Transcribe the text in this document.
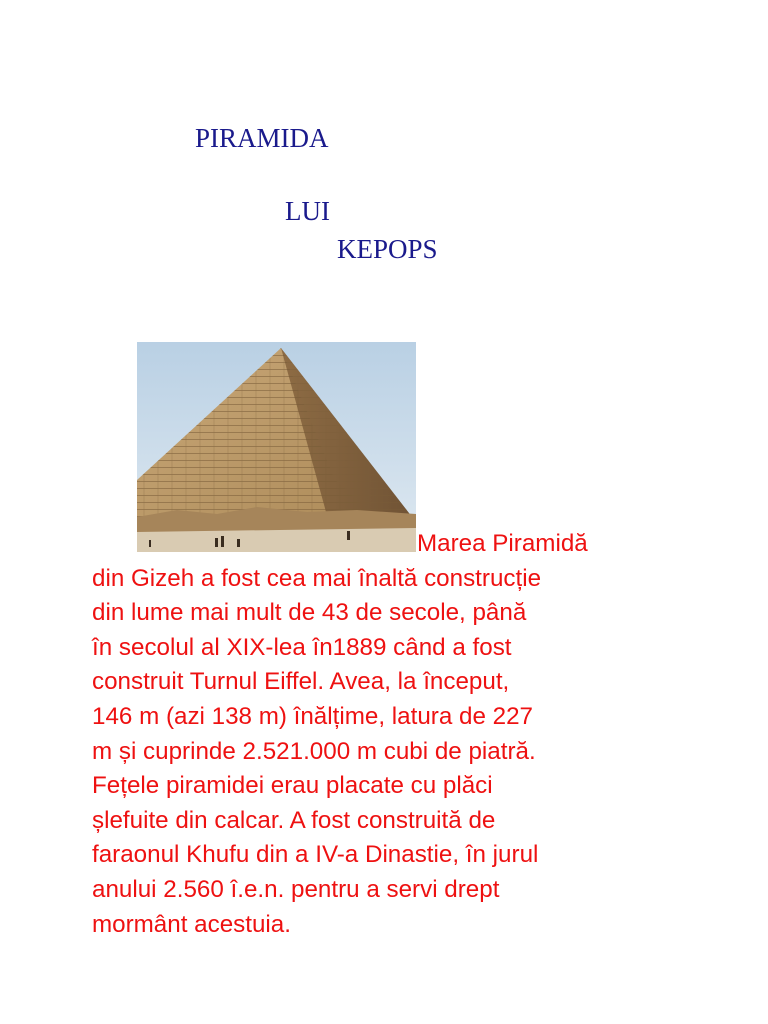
PIRAMIDA
LUI
KEPOPS

Marea Piramidă
din Gizeh a fost cea mai înaltă construcție
din lume mai mult de 43 de secole, până
în secolul al XIX-lea în1889 când a fost
construit Turnul Eiffel. Avea, la început,
146 m (azi 138 m) înălțime, latura de 227
m și cuprinde 2.521.000 m cubi de piatră.
Fețele piramidei erau placate cu plăci
șlefuite din calcar. A fost construită de
faraonul Khufu din a IV-a Dinastie, în jurul
anului 2.560 î.e.n. pentru a servi drept
mormânt acestuia.
